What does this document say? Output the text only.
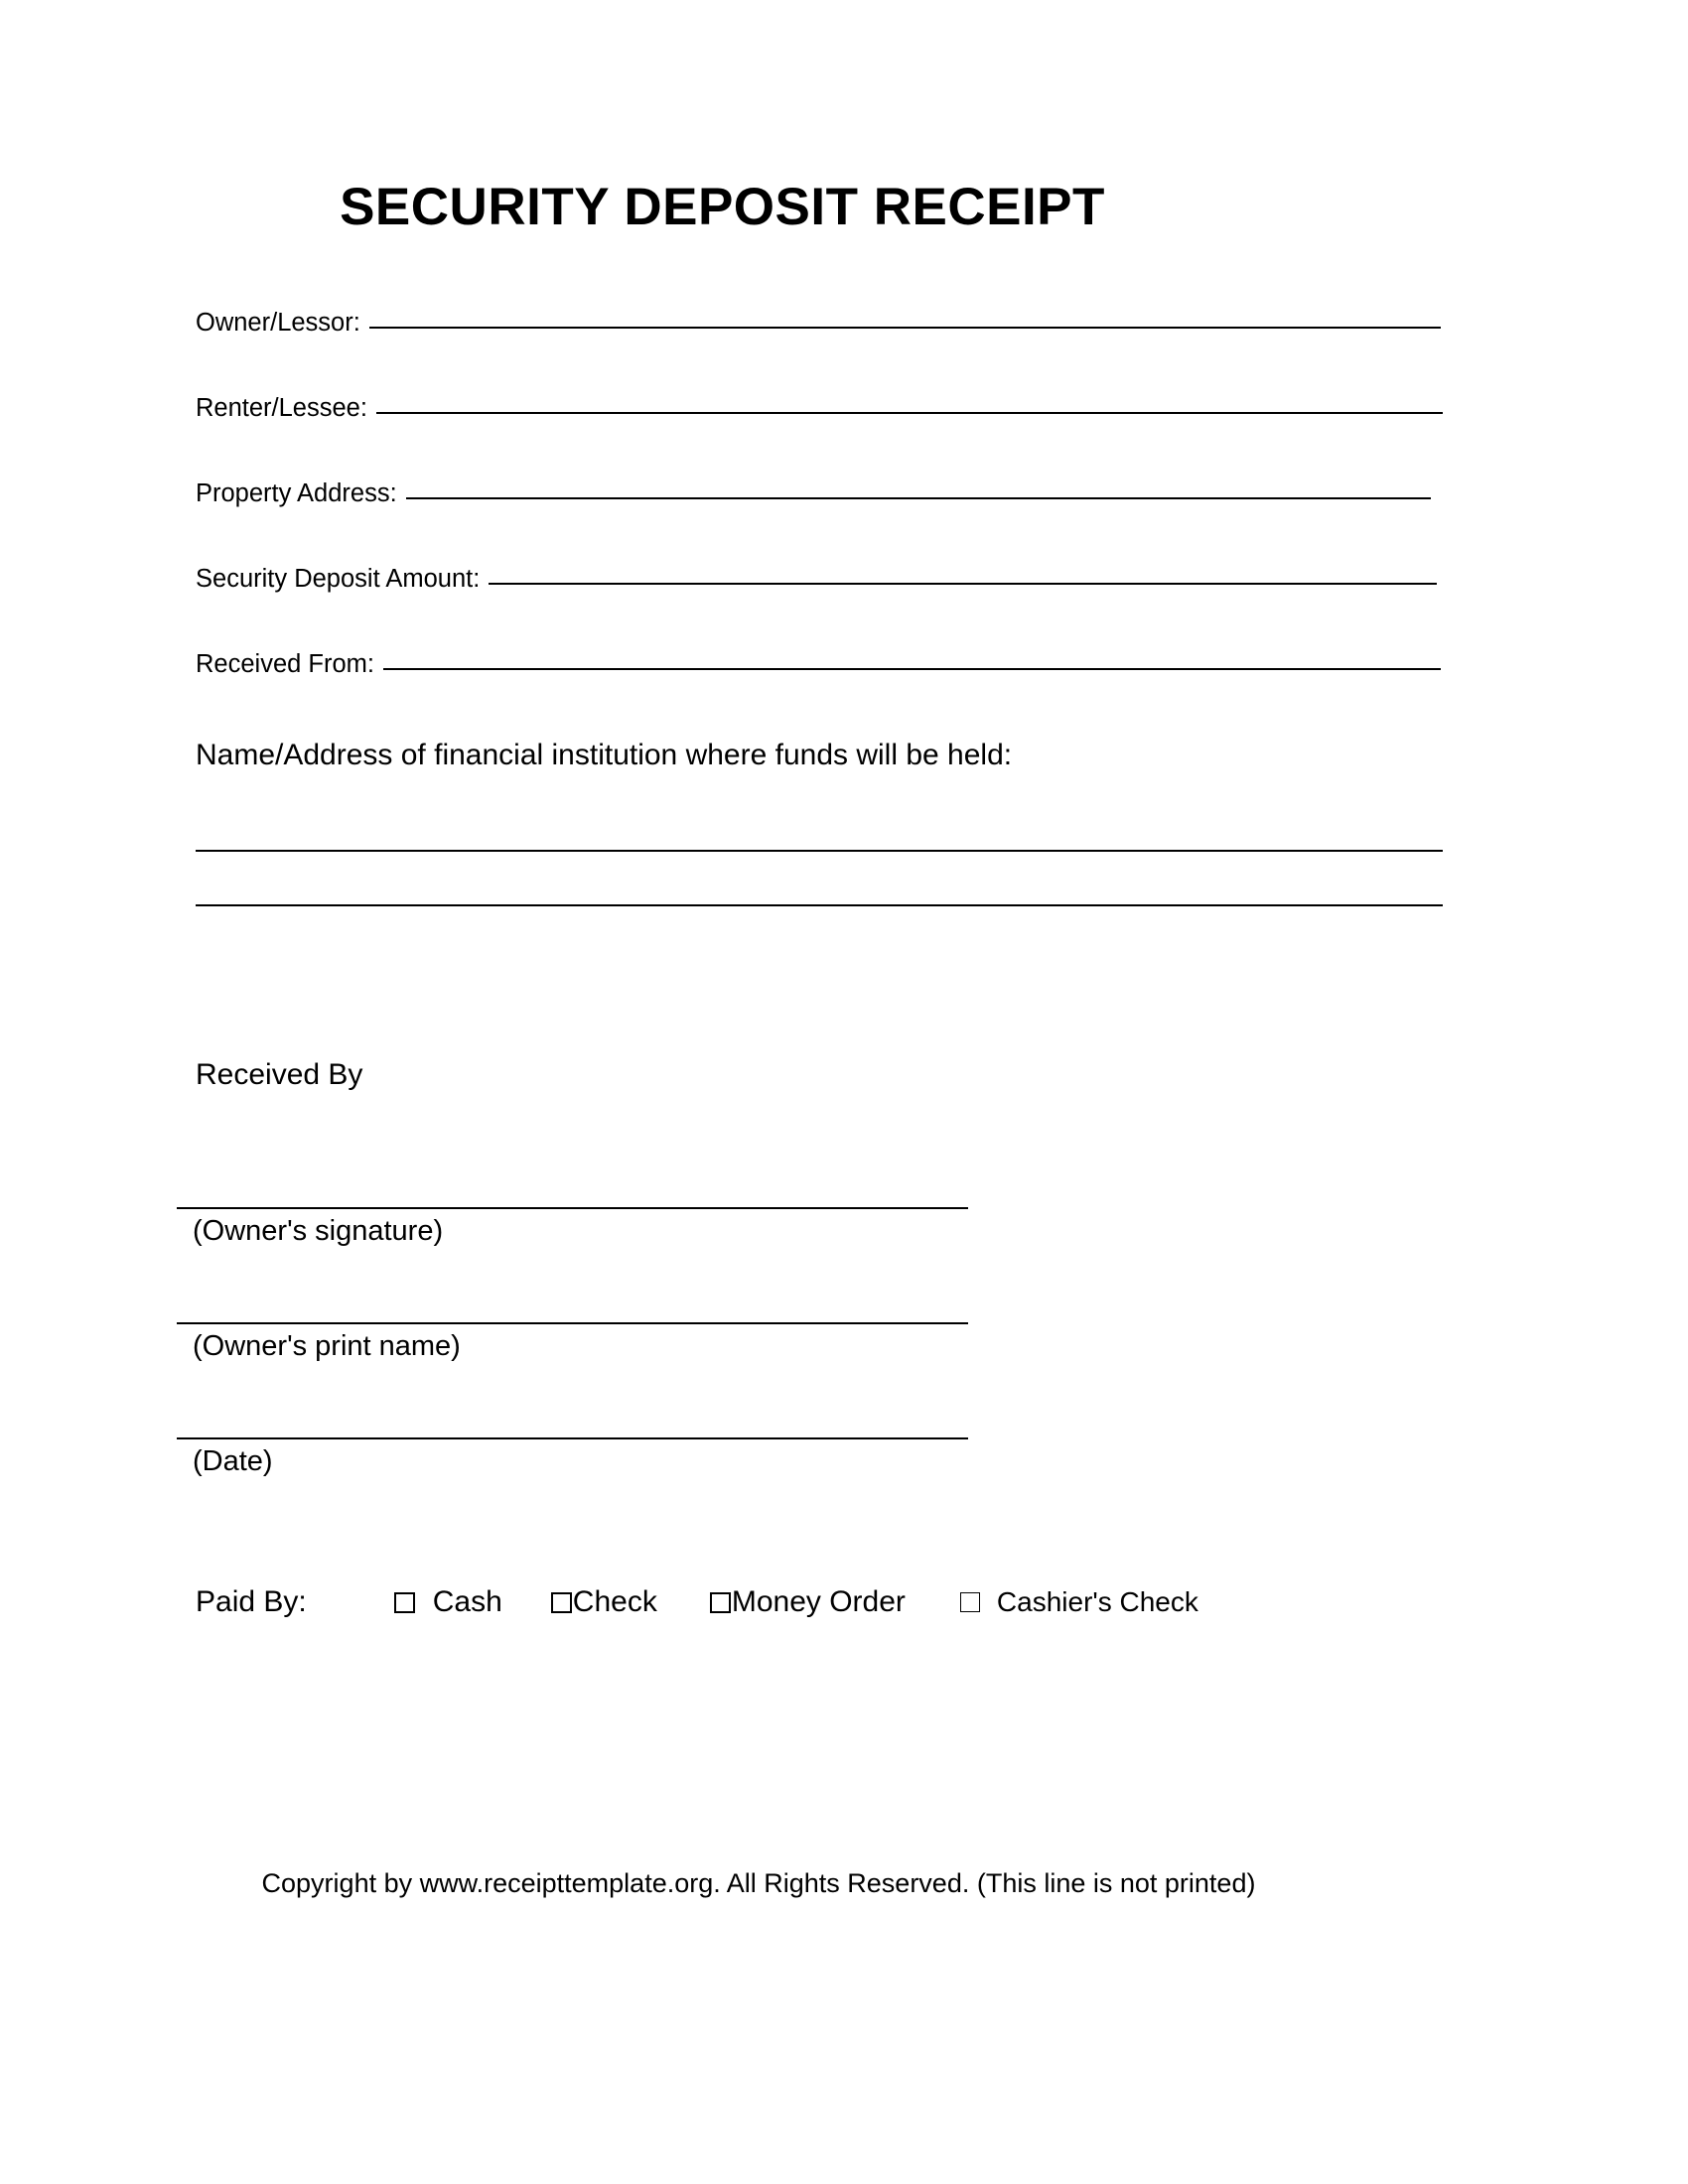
SECURITY DEPOSIT RECEIPT
Owner/Lessor:
Renter/Lessee:
Property Address:
Security Deposit Amount:
Received From:
Name/Address of financial institution where funds will be held:
Received By
(Owner's signature)
(Owner's print name)
(Date)
Paid By:	Cash Check	Money Order	Cashier's Check
Copyright by www.receipttemplate.org. All Rights Reserved. (This line is not printed)
